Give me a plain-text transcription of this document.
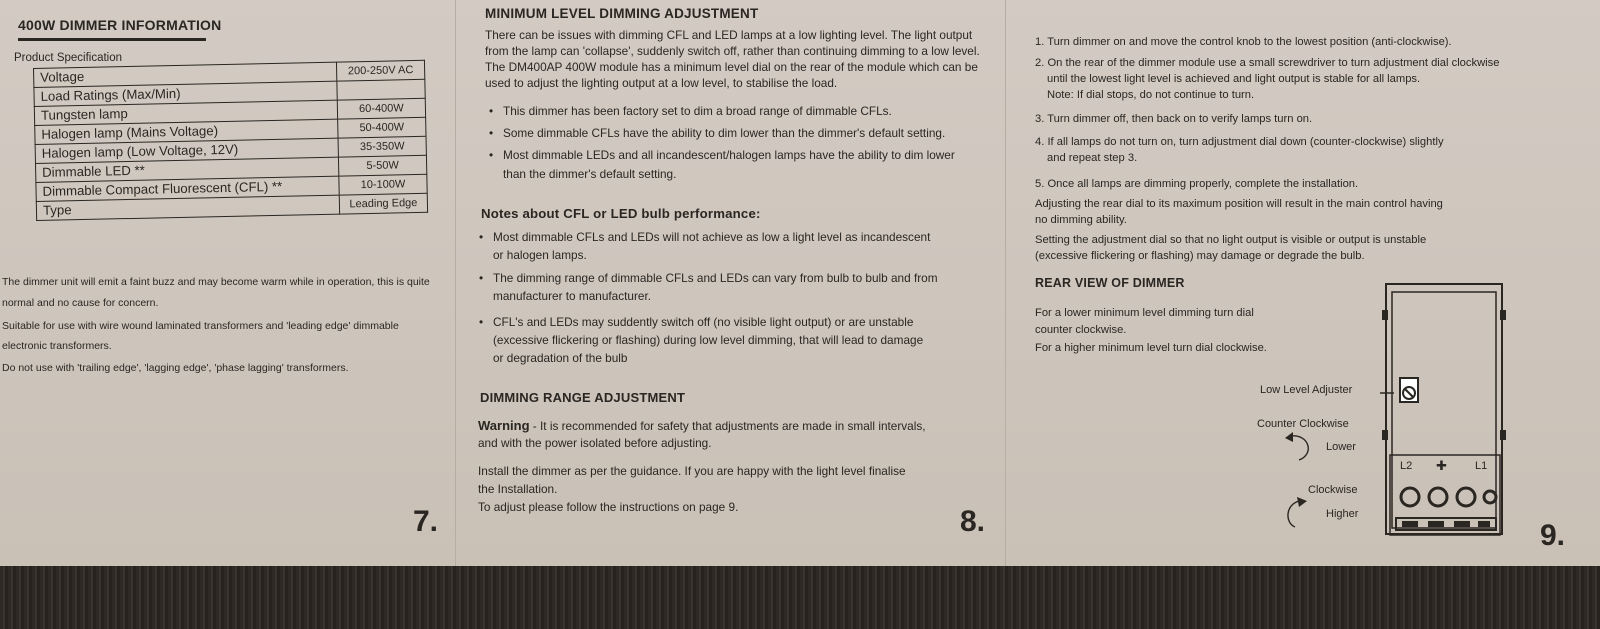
400W DIMMER INFORMATION
Product Specification
Voltage	200-250V AC
Load Ratings (Max/Min)	
Tungsten lamp	60-400W
Halogen lamp (Mains Voltage)	50-400W
Halogen lamp (Low Voltage, 12V)	35-350W
Dimmable LED **	5-50W
Dimmable Compact Fluorescent (CFL) **	10-100W
Type	Leading Edge
The dimmer unit will emit a faint buzz and may become warm while in operation, this is quite
normal and no cause for concern.
Suitable for use with wire wound laminated transformers and 'leading edge' dimmable
electronic transformers.
Do not use with 'trailing edge', 'lagging edge', 'phase lagging' transformers.
7.
MINIMUM LEVEL DIMMING ADJUSTMENT
There can be issues with dimming CFL and LED lamps at a low lighting level. The light output
from the lamp can 'collapse', suddenly switch off, rather than continuing dimming to a low level.
The DM400AP 400W module has a minimum level dial on the rear of the module which can be
used to adjust the lighting output at a low level, to stabilise the load.
• This dimmer has been factory set to dim a broad range of dimmable CFLs.
• Some dimmable CFLs have the ability to dim lower than the dimmer's default setting.
• Most dimmable LEDs and all incandescent/halogen lamps have the ability to dim lower
than the dimmer's default setting.
Notes about CFL or LED bulb performance:
• Most dimmable CFLs and LEDs will not achieve as low a light level as incandescent
or halogen lamps.
• The dimming range of dimmable CFLs and LEDs can vary from bulb to bulb and from
manufacturer to manufacturer.
• CFL's and LEDs may suddently switch off (no visible light output) or are unstable
(excessive flickering or flashing) during low level dimming, that will lead to damage
or degradation of the bulb
DIMMING RANGE ADJUSTMENT
Warning - It is recommended for safety that adjustments are made in small intervals,
and with the power isolated before adjusting.
Install the dimmer as per the guidance. If you are happy with the light level finalise
the Installation.
To adjust please follow the instructions on page 9.	8.
1. Turn dimmer on and move the control knob to the lowest position (anti-clockwise).
2. On the rear of the dimmer module use a small screwdriver to turn adjustment dial clockwise
until the lowest light level is achieved and light output is stable for all lamps.
Note: If dial stops, do not continue to turn.
3. Turn dimmer off, then back on to verify lamps turn on.
4. If all lamps do not turn on, turn adjustment dial down (counter-clockwise) slightly
and repeat step 3.
5. Once all lamps are dimming properly, complete the installation.
Adjusting the rear dial to its maximum position will result in the main control having
no dimming ability.
Setting the adjustment dial so that no light output is visible or output is unstable
(excessive flickering or flashing) may damage or degrade the bulb.
REAR VIEW OF DIMMER
For a lower minimum level dimming turn dial
counter clockwise.
For a higher minimum level turn dial clockwise.
Low Level Adjuster
Counter Clockwise
Lower
Clockwise
Higher
9.
L2	L1
✚
